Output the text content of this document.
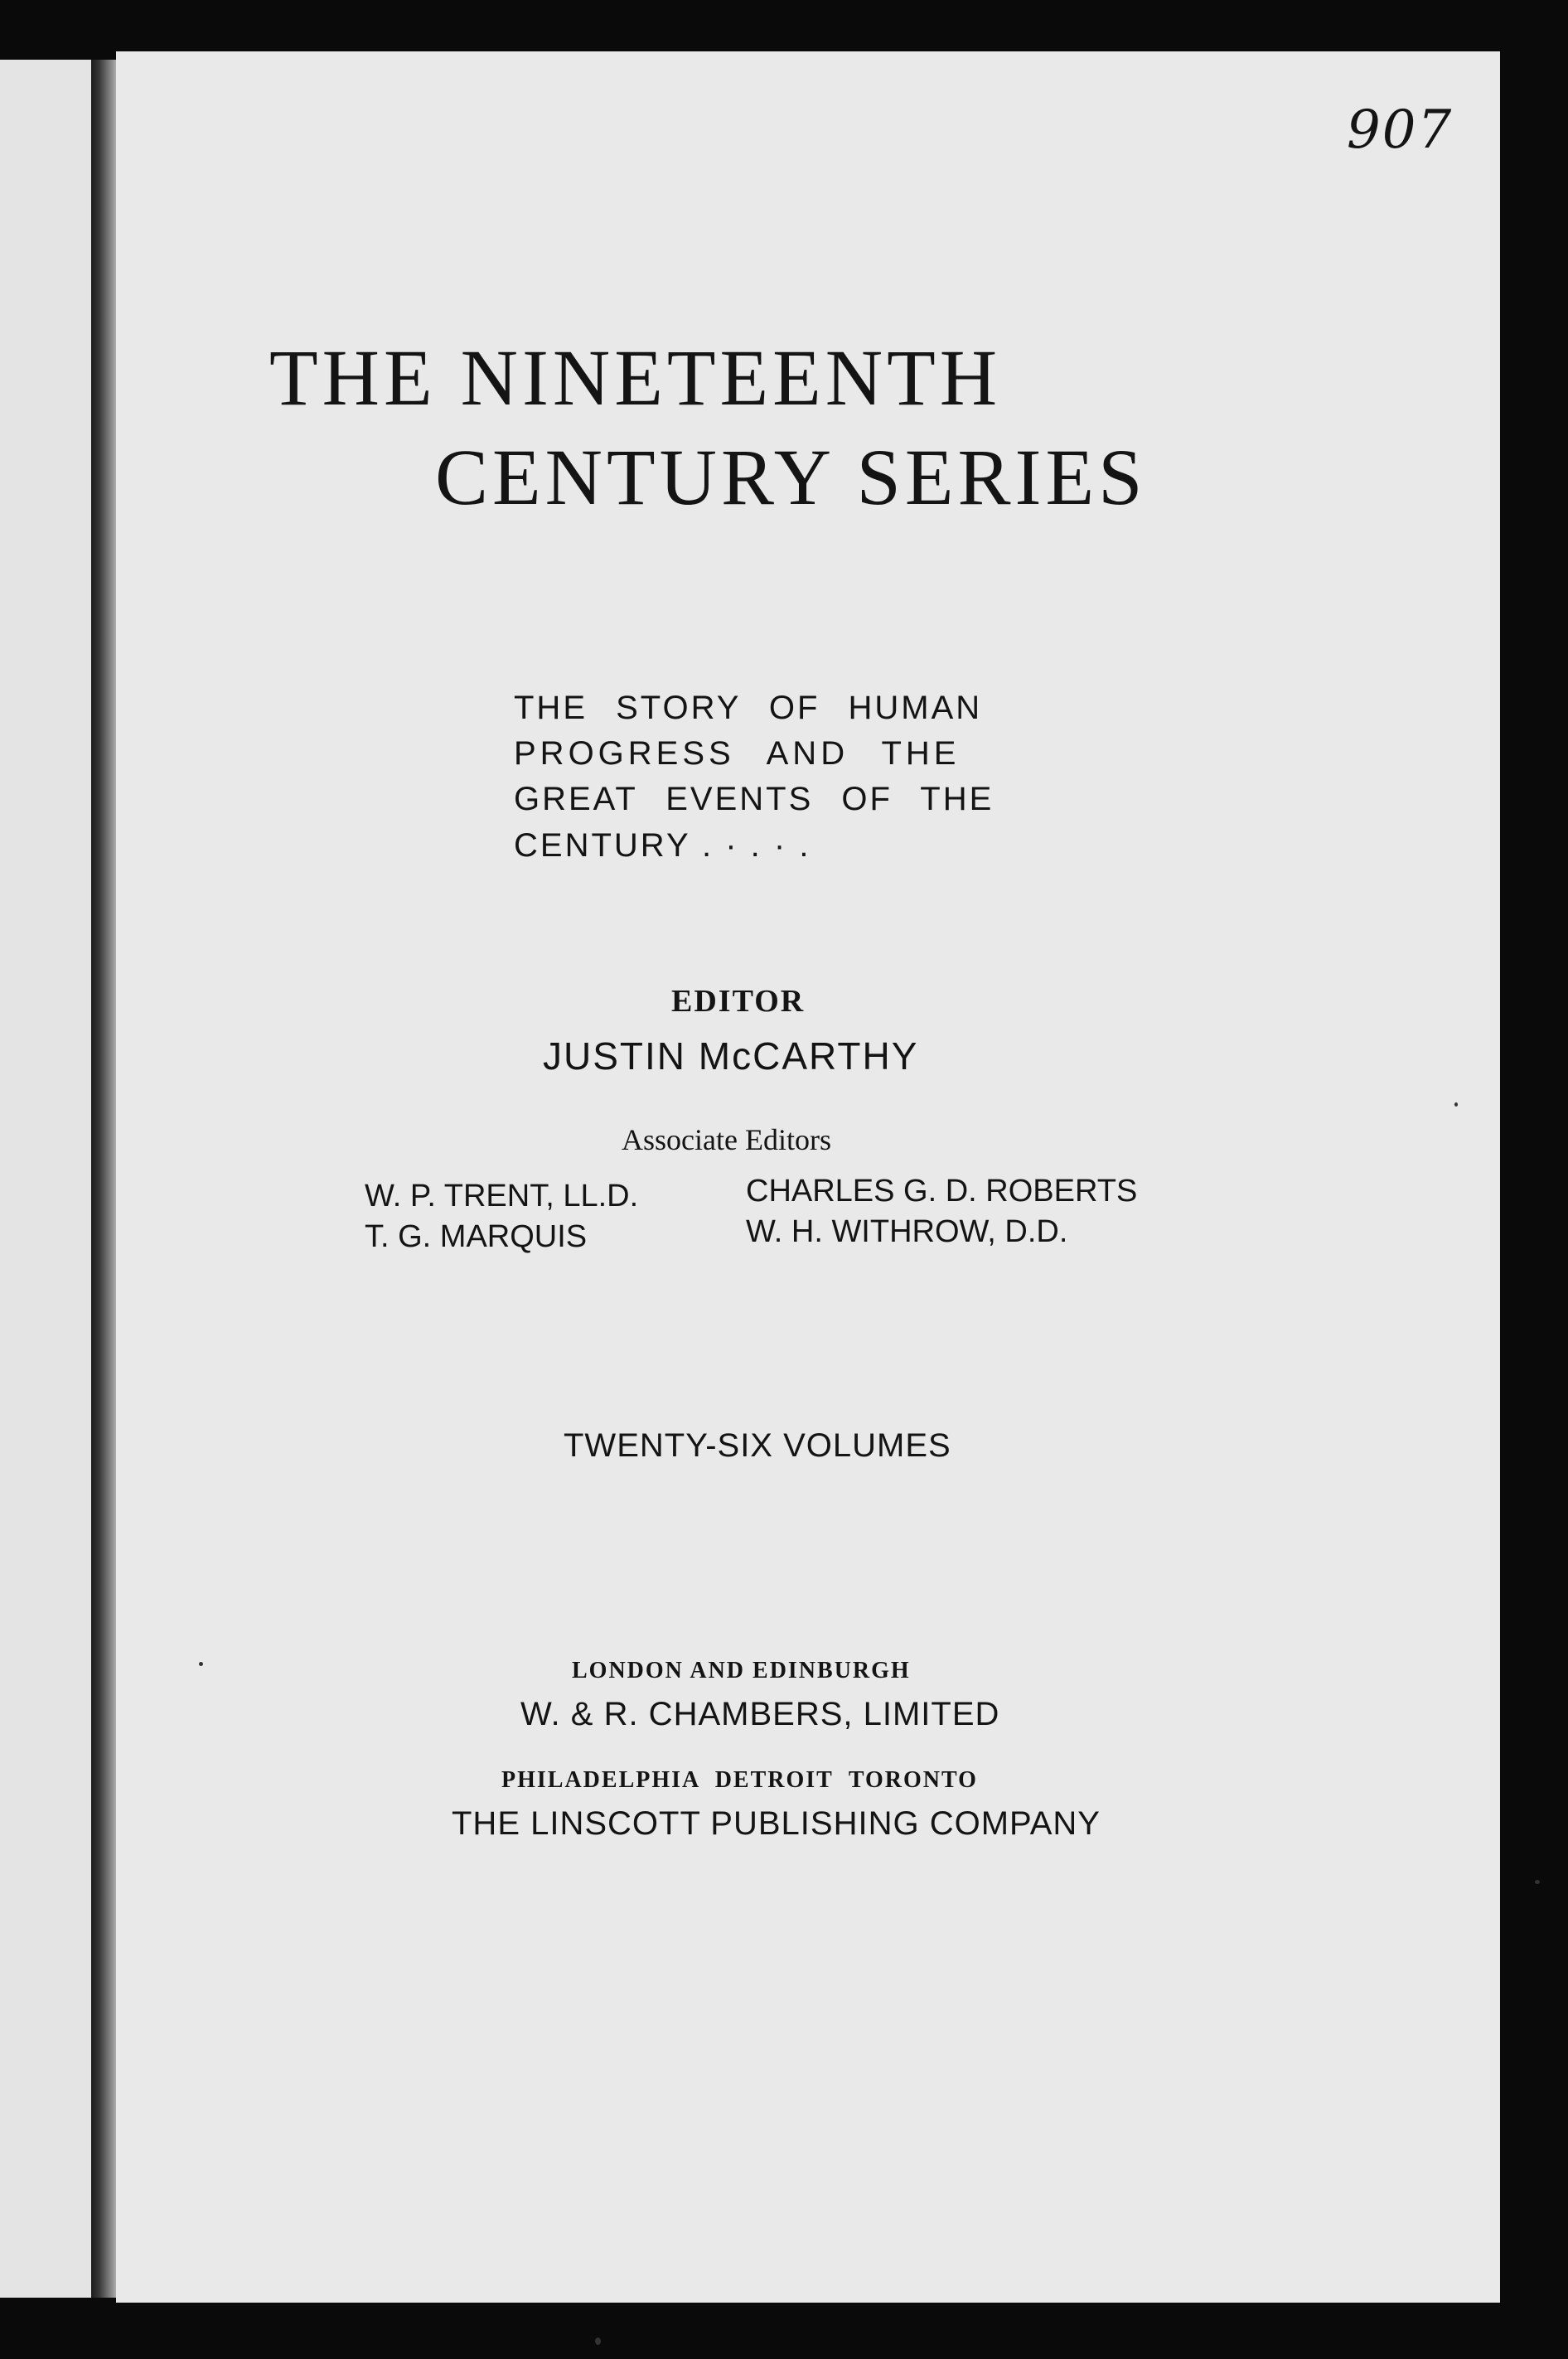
907
THE NINETEENTH
CENTURY SERIES
THE STORY OF HUMAN
PROGRESS AND THE
GREAT EVENTS OF THE
CENTURY . · . · .
EDITOR
JUSTIN McCARTHY
Associate Editors
W. P. TRENT, LL.D.	CHARLES G. D. ROBERTS
T. G. MARQUIS	W. H. WITHROW, D.D.
TWENTY-SIX VOLUMES
LONDON AND EDINBURGH
W. & R. CHAMBERS, LIMITED
PHILADELPHIA DETROIT TORONTO
THE LINSCOTT PUBLISHING COMPANY
